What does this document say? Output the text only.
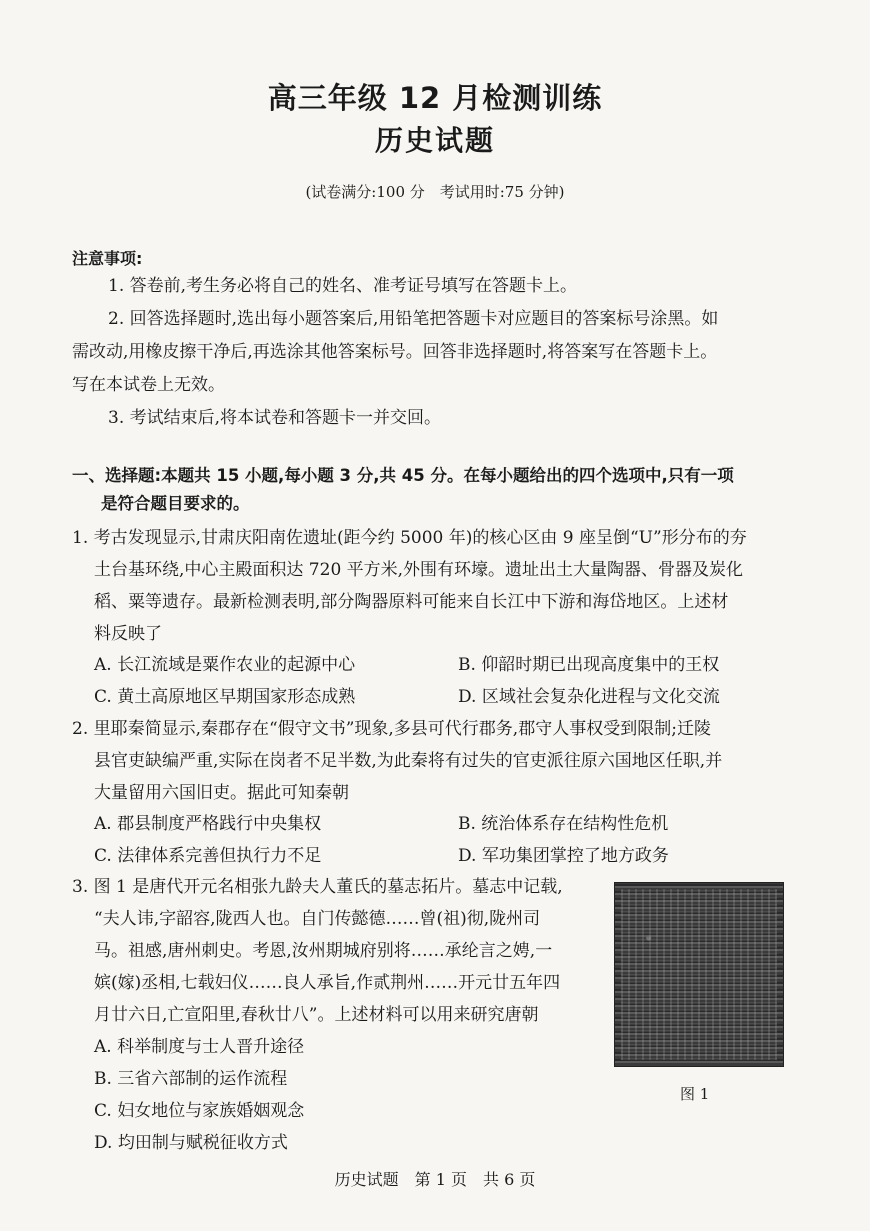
高三年级 12 月检测训练
历史试题
(试卷满分:100 分　考试用时:75 分钟)
注意事项:
1. 答卷前,考生务必将自己的姓名、准考证号填写在答题卡上。
2. 回答选择题时,选出每小题答案后,用铅笔把答题卡对应题目的答案标号涂黑。如
需改动,用橡皮擦干净后,再选涂其他答案标号。回答非选择题时,将答案写在答题卡上。
写在本试卷上无效。
3. 考试结束后,将本试卷和答题卡一并交回。
一、选择题:本题共 15 小题,每小题 3 分,共 45 分。在每小题给出的四个选项中,只有一项
是符合题目要求的。
1. 考古发现显示,甘肃庆阳南佐遗址(距今约 5000 年)的核心区由 9 座呈倒“U”形分布的夯
土台基环绕,中心主殿面积达 720 平方米,外围有环壕。遗址出土大量陶器、骨器及炭化
稻、粟等遗存。最新检测表明,部分陶器原料可能来自长江中下游和海岱地区。上述材
料反映了
A. 长江流域是粟作农业的起源中心	B. 仰韶时期已出现高度集中的王权
C. 黄土高原地区早期国家形态成熟	D. 区域社会复杂化进程与文化交流
2. 里耶秦简显示,秦郡存在“假守文书”现象,多县可代行郡务,郡守人事权受到限制;迁陵
县官吏缺编严重,实际在岗者不足半数,为此秦将有过失的官吏派往原六国地区任职,并
大量留用六国旧吏。据此可知秦朝
A. 郡县制度严格践行中央集权	B. 统治体系存在结构性危机
C. 法律体系完善但执行力不足	D. 军功集团掌控了地方政务
3. 图 1 是唐代开元名相张九龄夫人董氏的墓志拓片。墓志中记载,
“夫人讳,字韶容,陇西人也。自门传懿德……曾(祖)彻,陇州司
马。祖感,唐州刺史。考恩,汝州期城府别将……承纶言之娉,一
嫔(嫁)丞相,七载妇仪……良人承旨,作贰荆州……开元廿五年四
月廿六日,亡宣阳里,春秋廿八”。上述材料可以用来研究唐朝
A. 科举制度与士人晋升途径
B. 三省六部制的运作流程
C. 妇女地位与家族婚姻观念
D. 均田制与赋税征收方式
图 1
历史试题　第 1 页　共 6 页
